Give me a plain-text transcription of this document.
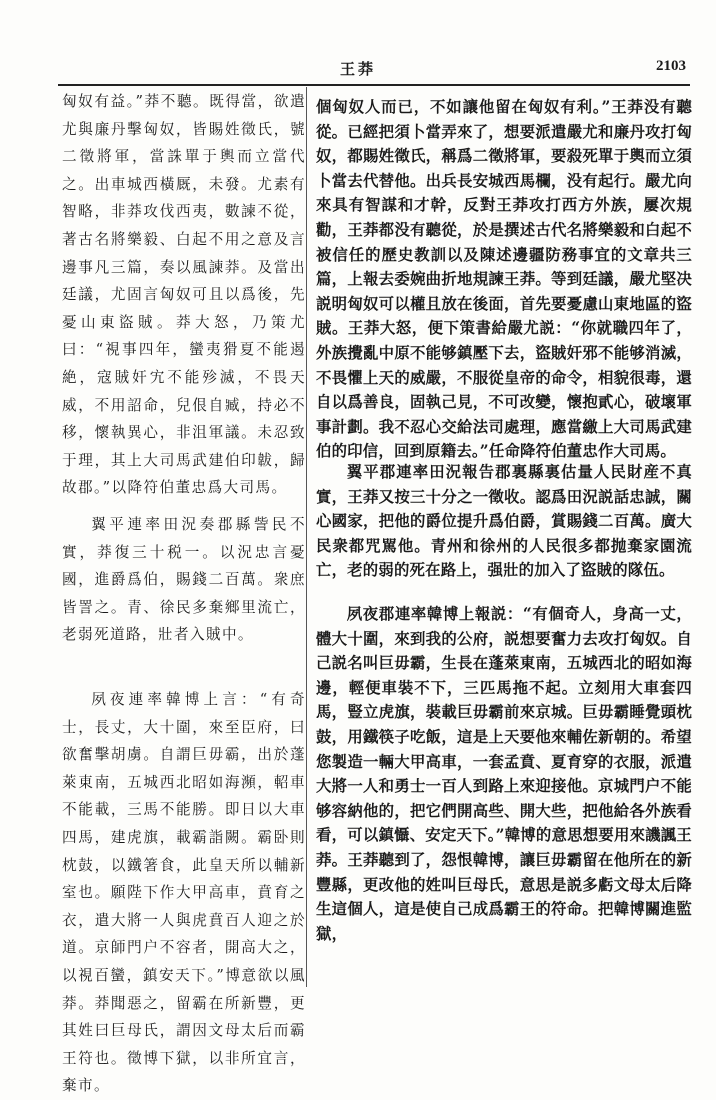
王莽	2103

匈奴有益。”莽不聽。既得當，欲遣尤與廉丹擊匈奴，皆賜姓徵氏，號二徵將軍，當誅單于輿而立當代之。出車城西橫厩，未發。尤素有智略，非莽攻伐西夷，數諫不從，著古名將樂毅、白起不用之意及言邊事凡三篇，奏以風諫莽。及當出廷議，尤固言匈奴可且以爲後，先憂山東盜賊。莽大怒，乃策尤曰：“視事四年，蠻夷猾夏不能遏絶，寇賊奸宄不能殄滅，不畏天威，不用詔命，兒佷自臧，持必不移，懷執異心，非沮軍議。未忍致于理，其上大司馬武建伯印韍，歸故郡。”以降符伯董忠爲大司馬。

翼平連率田況奏郡縣訾民不實，莽復三十税一。以況忠言憂國，進爵爲伯，賜錢二百萬。衆庶皆詈之。青、徐民多棄鄉里流亡，老弱死道路，壯者入賊中。

夙夜連率韓博上言：“有奇士，長丈，大十圍，來至臣府，曰欲奮擊胡虜。自謂巨毋霸，出於蓬萊東南，五城西北昭如海瀕，軺車不能載，三馬不能勝。即日以大車四馬，建虎旗，載霸詣闕。霸卧則枕鼓，以鐵箸食，此皇天所以輔新室也。願陛下作大甲高車，賁育之衣，遣大將一人與虎賁百人迎之於道。京師門户不容者，開高大之，以視百蠻，鎮安天下。”博意欲以風莽。莽聞惡之，留霸在所新豐，更其姓曰巨母氏，謂因文母太后而霸王符也。徵博下獄，以非所宜言，棄市。

個匈奴人而已，不如讓他留在匈奴有利。”王莽没有聽從。已經把須卜當弄來了，想要派遣嚴尤和廉丹攻打匈奴，都賜姓徵氏，稱爲二徵將軍，要殺死單于輿而立須卜當去代替他。出兵長安城西馬欄，没有起行。嚴尤向來具有智謀和才幹，反對王莽攻打西方外族，屢次規勸，王莽都没有聽從，於是撰述古代名將樂毅和白起不被信任的歷史教訓以及陳述邊疆防務事宜的文章共三篇，上報去委婉曲折地規諫王莽。等到廷議，嚴尤堅决説明匈奴可以權且放在後面，首先要憂慮山東地區的盜賊。王莽大怒，便下策書給嚴尤説：“你就職四年了，外族攪亂中原不能够鎮壓下去，盜賊奸邪不能够消滅，不畏懼上天的威嚴，不服從皇帝的命令，相貌很毒，還自以爲善良，固執己見，不可改變，懷抱貳心，破壞軍事計劃。我不忍心交給法司處理，應當繳上大司馬武建伯的印信，回到原籍去。”任命降符伯董忠作大司馬。

翼平郡連率田況報告郡裏縣裏估量人民財産不真實，王莽又按三十分之一徵收。認爲田況説話忠誠，關心國家，把他的爵位提升爲伯爵，賞賜錢二百萬。廣大民衆都咒駡他。青州和徐州的人民很多都抛棄家園流亡，老的弱的死在路上，强壯的加入了盜賊的隊伍。

夙夜郡連率韓博上報説：“有個奇人，身高一丈，體大十圍，來到我的公府，説想要奮力去攻打匈奴。自己説名叫巨毋霸，生長在蓬萊東南，五城西北的昭如海邊，輕便車裝不下，三匹馬拖不起。立刻用大車套四馬，豎立虎旗，裝載巨毋霸前來京城。巨毋霸睡覺頭枕鼓，用鐵筷子吃飯，這是上天要他來輔佐新朝的。希望您製造一輛大甲高車，一套孟賁、夏育穿的衣服，派遣大將一人和勇士一百人到路上來迎接他。京城門户不能够容納他的，把它們開高些、開大些，把他給各外族看看，可以鎮懾、安定天下。”韓博的意思想要用來譏諷王莽。王莽聽到了，怨恨韓博，讓巨毋霸留在他所在的新豐縣，更改他的姓叫巨母氏，意思是説多虧文母太后降生這個人，這是使自己成爲霸王的符命。把韓博關進監獄，
